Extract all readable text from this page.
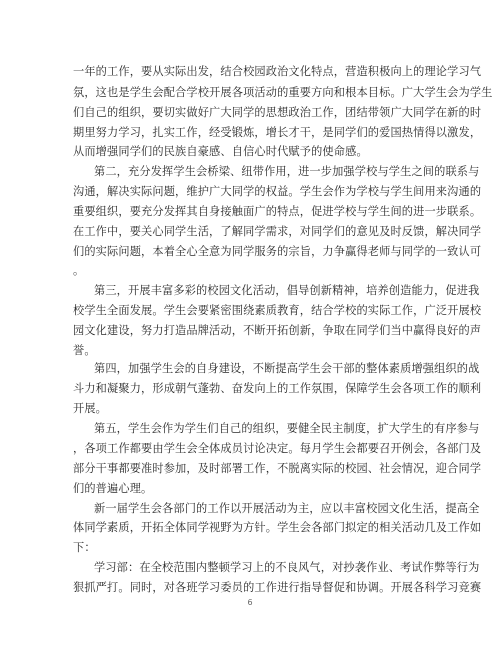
一年的工作，要从实际出发，结合校园政治文化特点，营造积极向上的理论学习气
氛，这也是学生会配合学校开展各项活动的重要方向和根本目标。广大学生会为学生
们自己的组织，要切实做好广大同学的思想政治工作，团结带领广大同学在新的时
期里努力学习，扎实工作，经受锻炼，增长才干，是同学们的爱国热情得以激发，
从而增强同学们的民族自豪感、自信心时代赋予的使命感。
第二，充分发挥学生会桥梁、纽带作用，进一步加强学校与学生之间的联系与
沟通，解决实际问题，维护广大同学的权益。学生会作为学校与学生间用来沟通的
重要组织，要充分发挥其自身接触面广的特点，促进学校与学生间的进一步联系。
在工作中，要关心同学生活，了解同学需求，对同学们的意见及时反馈，解决同学
们的实际问题，本着全心全意为同学服务的宗旨，力争赢得老师与同学的一致认可
。
第三，开展丰富多彩的校园文化活动，倡导创新精神，培养创造能力，促进我
校学生全面发展。学生会要紧密围绕素质教育，结合学校的实际工作，广泛开展校
园文化建设，努力打造品牌活动，不断开拓创新，争取在同学们当中赢得良好的声
誉。
第四，加强学生会的自身建设，不断提高学生会干部的整体素质增强组织的战
斗力和凝聚力，形成朝气蓬勃、奋发向上的工作氛围，保障学生会各项工作的顺利
开展。
第五，学生会作为学生们自己的组织，要健全民主制度，扩大学生的有序参与
，各项工作都要由学生会全体成员讨论决定。每月学生会都要召开例会，各部门及
部分干事都要准时参加，及时部署工作，不脱离实际的校园、社会情况，迎合同学
们的普遍心理。
新一届学生会各部门的工作以开展活动为主，应以丰富校园文化生活，提高全
体同学素质，开拓全体同学视野为方针。学生会各部门拟定的相关活动几及工作如
下：
学习部：在全校范围内整顿学习上的不良风气，对抄袭作业、考试作弊等行为
狠抓严打。同时，对各班学习委员的工作进行指导督促和协调。开展各科学习竞赛
6
